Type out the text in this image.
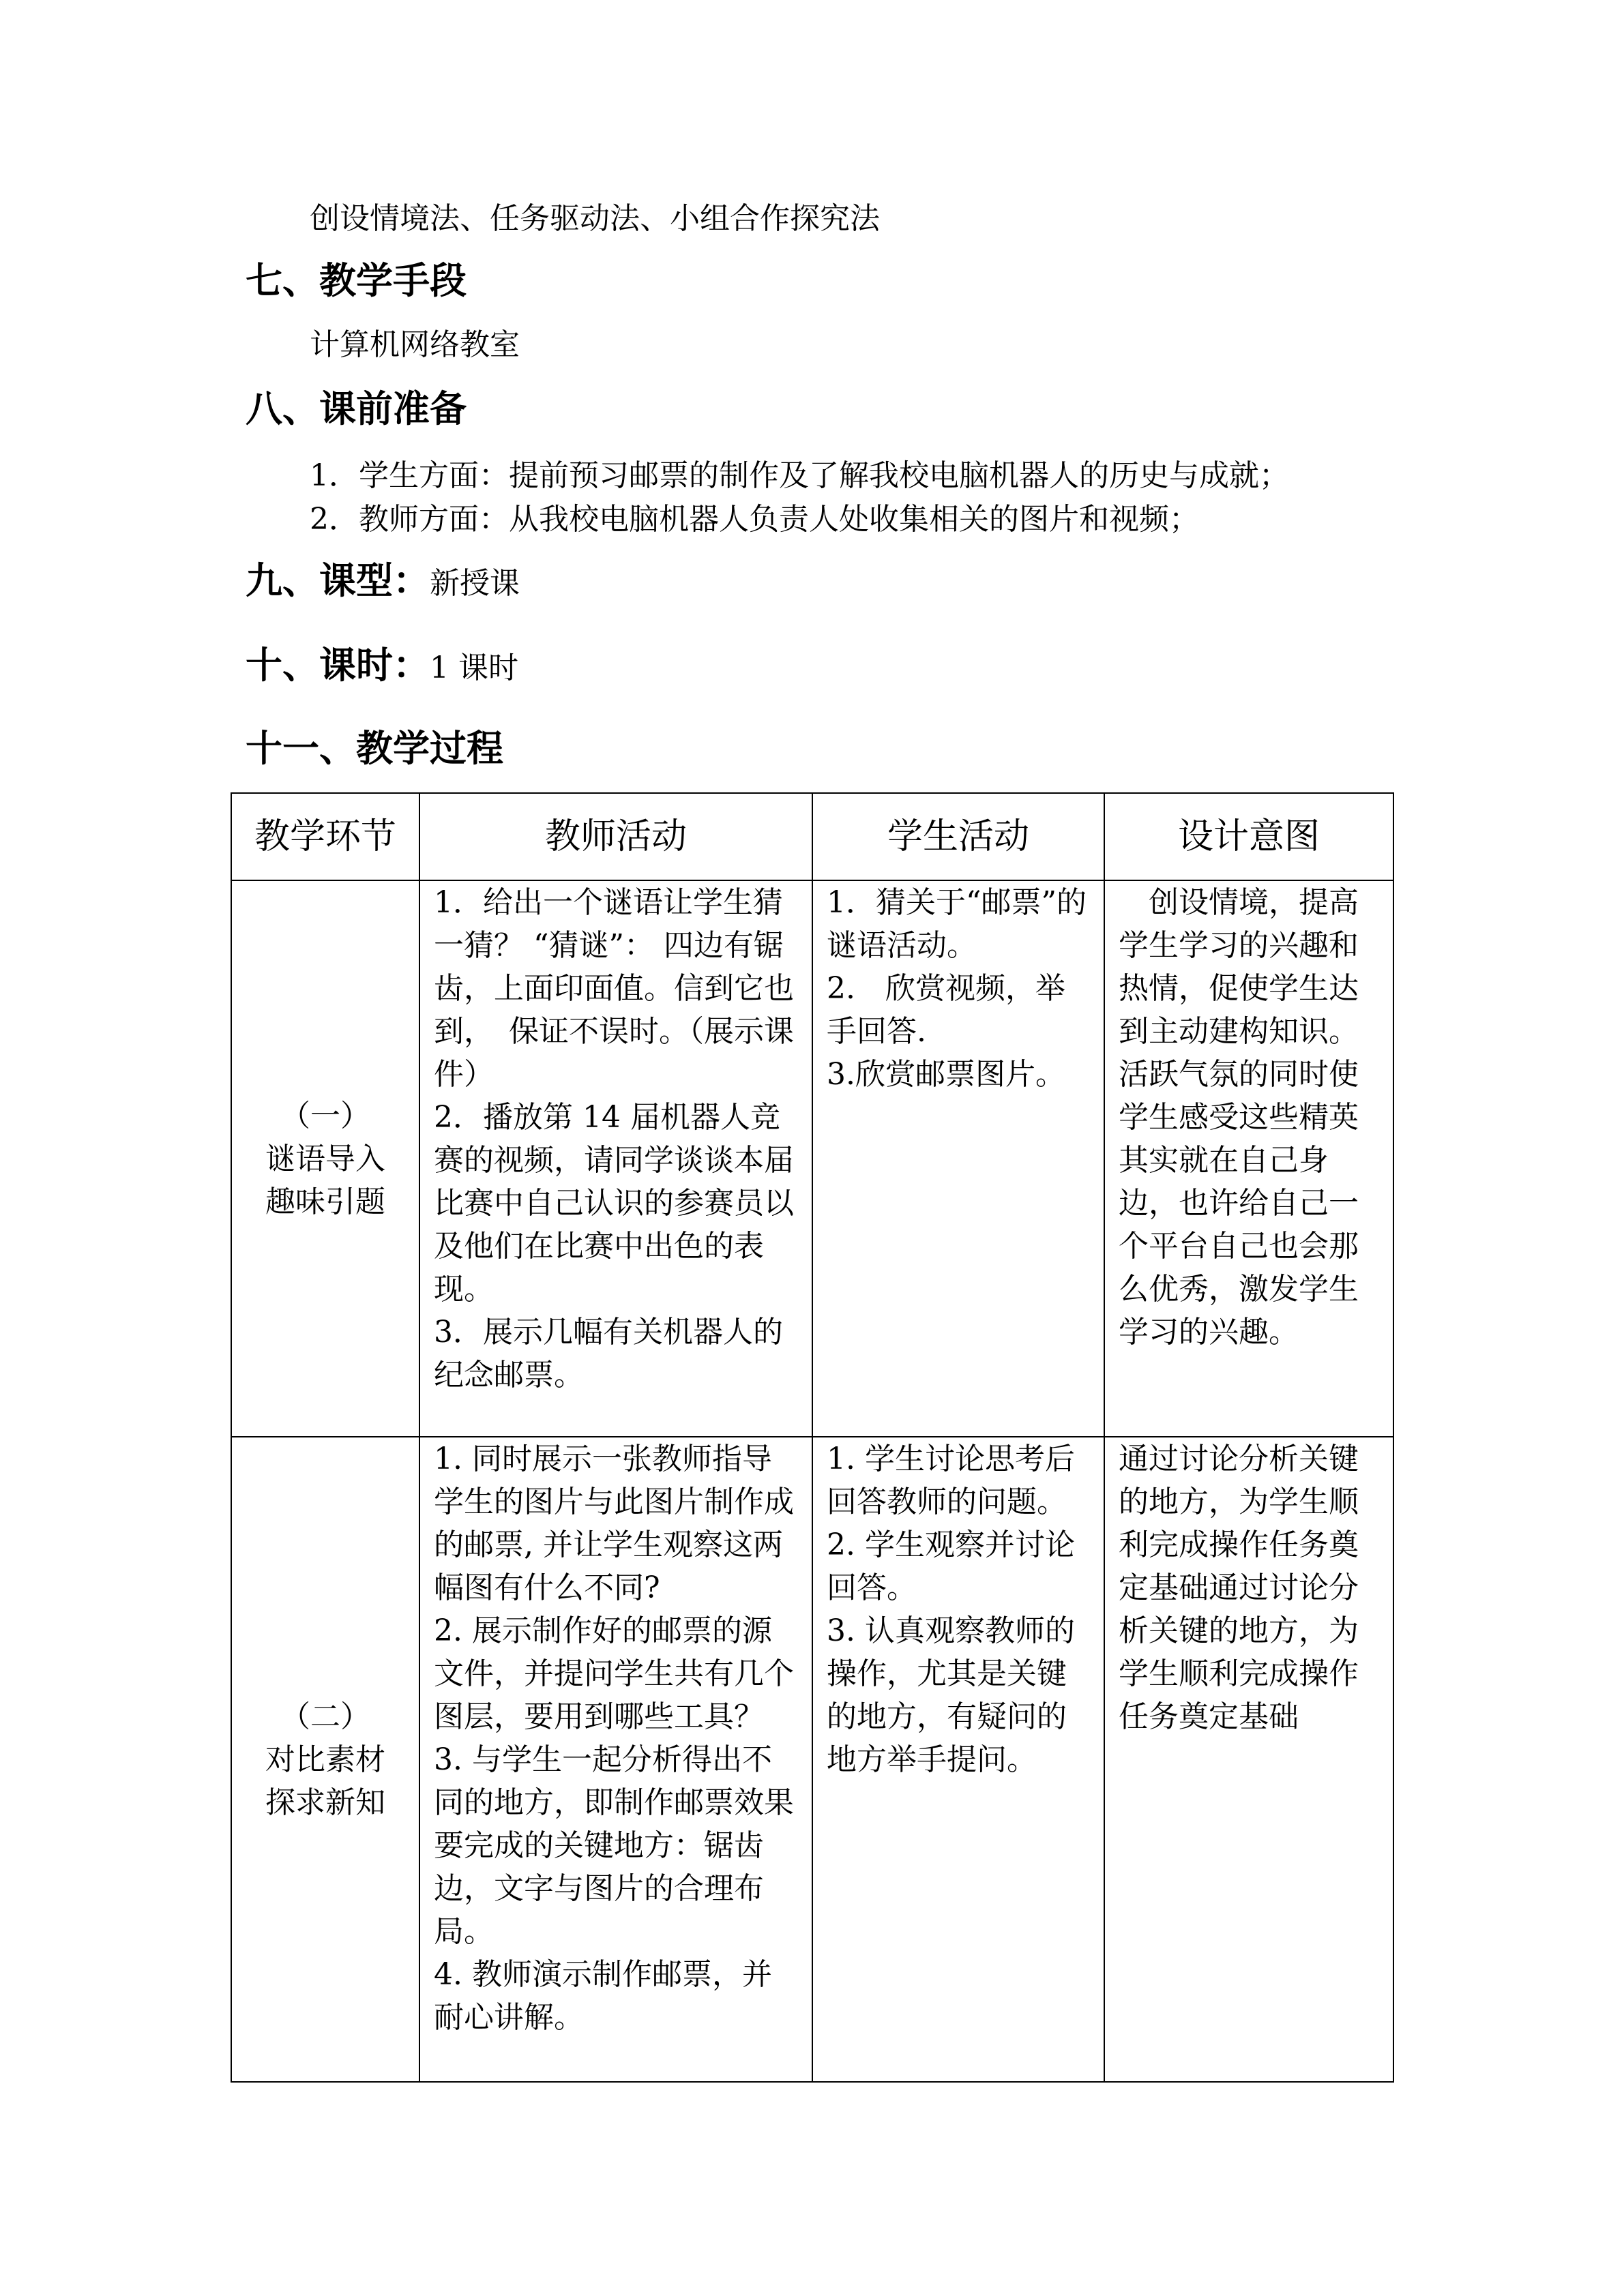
创设情境法、任务驱动法、小组合作探究法
七、教学手段
计算机网络教室
八、课前准备
1．学生方面：提前预习邮票的制作及了解我校电脑机器人的历史与成就；
2．教师方面：从我校电脑机器人负责人处收集相关的图片和视频；
九、课型：新授课
十、课时：1 课时
十一、教学过程
教学环节	教师活动	学生活动	设计意图

（一）
谜语导入
趣味引题	1．给出一个谜语让学生猜一猜？ “猜谜”： 四边有锯齿，上面印面值。信到它也到，　保证不误时。（展示课件）
2．播放第 14 届机器人竞赛的视频，请同学谈谈本届比赛中自己认识的参赛员以及他们在比赛中出色的表现。
3．展示几幅有关机器人的纪念邮票。	1．猜关于“邮票”的谜语活动。
2.　欣赏视频，举手回答.
3.欣赏邮票图片。	　创设情境，提高学生学习的兴趣和热情，促使学生达到主动建构知识。活跃气氛的同时使学生感受这些精英其实就在自己身边，也许给自己一个平台自己也会那么优秀，激发学生学习的兴趣。

（二）
对比素材
探求新知	1. 同时展示一张教师指导学生的图片与此图片制作成的邮票, 并让学生观察这两幅图有什么不同?
2. 展示制作好的邮票的源文件，并提问学生共有几个图层，要用到哪些工具？
3. 与学生一起分析得出不同的地方，即制作邮票效果要完成的关键地方：锯齿边，文字与图片的合理布局。
4. 教师演示制作邮票，并耐心讲解。	1. 学生讨论思考后回答教师的问题。
2. 学生观察并讨论回答。
3. 认真观察教师的操作，尤其是关键的地方，有疑问的地方举手提问。	通过讨论分析关键的地方，为学生顺利完成操作任务奠定基础通过讨论分析关键的地方，为学生顺利完成操作任务奠定基础
